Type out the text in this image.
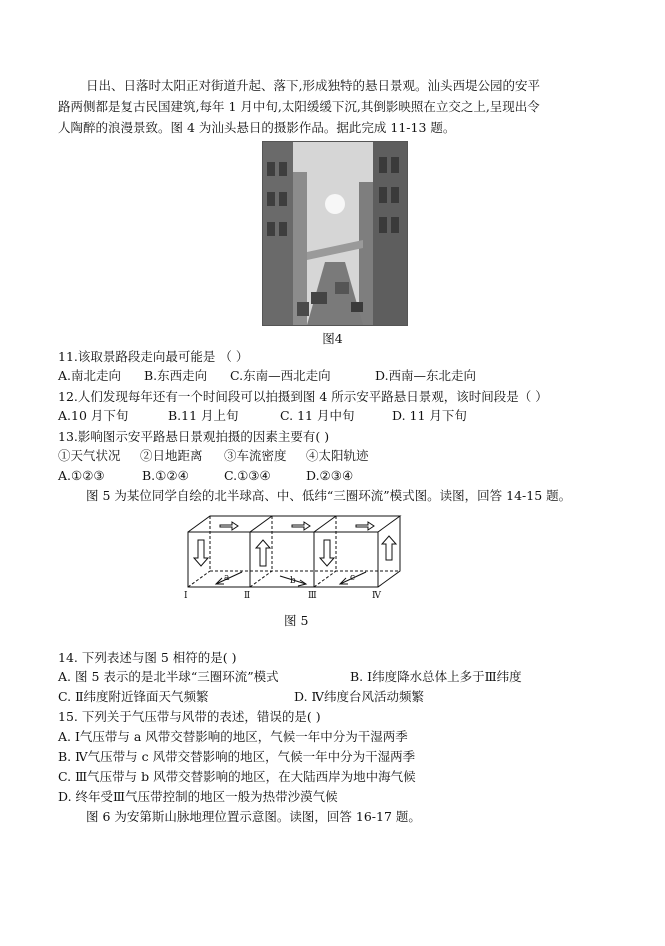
日出、日落时太阳正对街道升起、落下,形成独特的悬日景观。汕头西堤公园的安平
路两侧都是复古民国建筑,每年 1 月中旬,太阳缓缓下沉,其倒影映照在立交之上,呈现出令
人陶醉的浪漫景致。图 4 为汕头悬日的摄影作品。据此完成 11-13 题。
图4
11.该取景路段走向最可能是 （ ）
A.南北走向	B.东西走向	C.东南—西北走向	D.西南—东北走向
12.人们发现每年还有一个时间段可以拍摄到图 4 所示安平路悬日景观，该时间段是（ ）
A.10 月下旬	B.11 月上旬	C. 11 月中旬	D. 11 月下旬
13.影响图示安平路悬日景观拍摄的因素主要有( )
①天气状况	②日地距离	③车流密度	④太阳轨迹
A.①②③	B.①②④	C.①③④	D.②③④
图 5 为某位同学自绘的北半球高、中、低纬“三圈环流”模式图。读图，回答 14-15 题。
a	b	c
Ⅰ	Ⅱ	Ⅲ	Ⅳ
图 5
14. 下列表述与图 5 相符的是( )
A. 图 5 表示的是北半球“三圈环流”模式	B. Ⅰ纬度降水总体上多于Ⅲ纬度
C. Ⅱ纬度附近锋面天气频繁	D. Ⅳ纬度台风活动频繁
15. 下列关于气压带与风带的表述，错误的是( )
A. Ⅰ气压带与 a 风带交替影响的地区，气候一年中分为干湿两季
B. Ⅳ气压带与 c 风带交替影响的地区，气候一年中分为干湿两季
C. Ⅲ气压带与 b 风带交替影响的地区，在大陆西岸为地中海气候
D. 终年受Ⅲ气压带控制的地区一般为热带沙漠气候
图 6 为安第斯山脉地理位置示意图。读图，回答 16-17 题。
